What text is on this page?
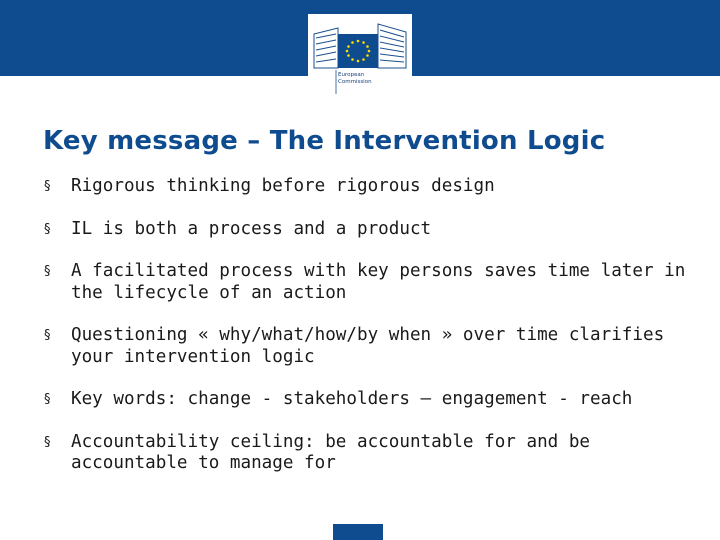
European
Commission
Key message – The Intervention Logic
§ Rigorous thinking before rigorous design
§ IL is both a process and a product
§ A facilitated process with key persons saves time later in the lifecycle of an action
§ Questioning « why/what/how/by when » over time clarifies your intervention logic
§ Key words: change - stakeholders – engagement - reach
§ Accountability ceiling: be accountable for and be accountable to manage for
